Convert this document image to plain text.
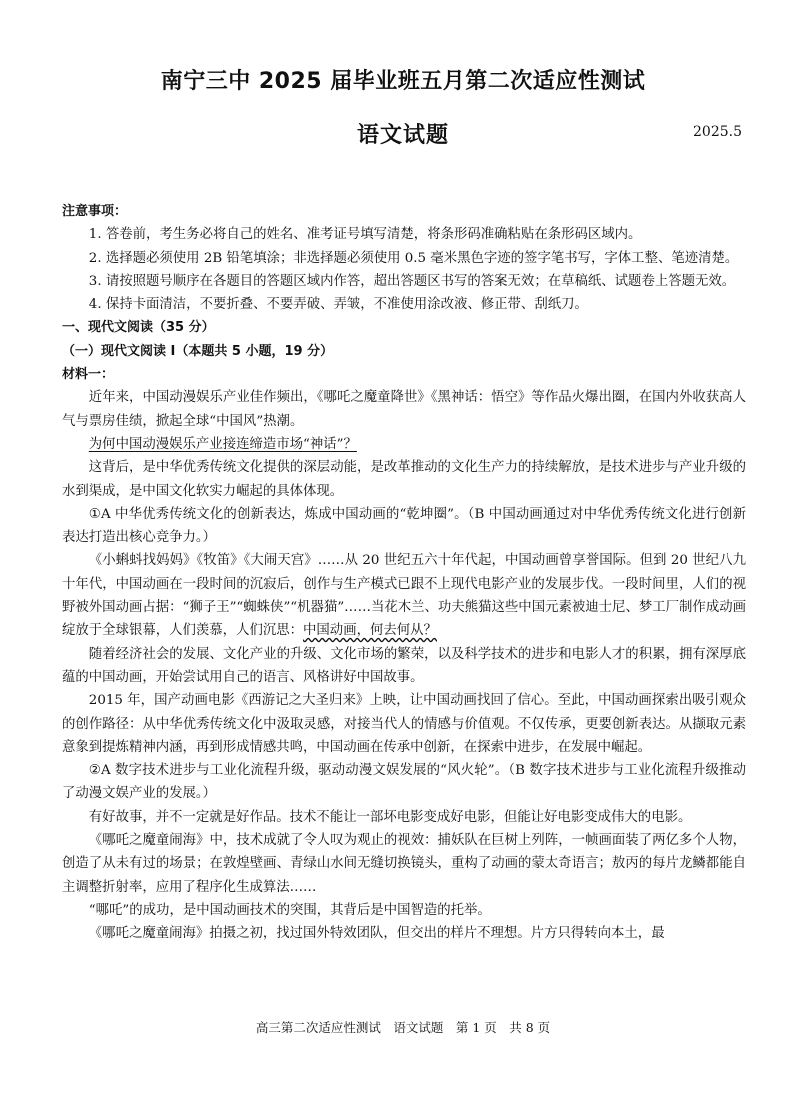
南宁三中 2025 届毕业班五月第二次适应性测试
语文试题	2025.5

注意事项：

1. 答卷前，考生务必将自己的姓名、准考证号填写清楚，将条形码准确粘贴在条形码区域内。

2. 选择题必须使用 2B 铅笔填涂；非选择题必须使用 0.5 毫米黑色字迹的签字笔书写，字体工整、笔迹清楚。

3. 请按照题号顺序在各题目的答题区域内作答，超出答题区书写的答案无效；在草稿纸、试题卷上答题无效。

4. 保持卡面清洁，不要折叠、不要弄破、弄皱，不准使用涂改液、修正带、刮纸刀。

一、现代文阅读（35 分）

（一）现代文阅读 I（本题共 5 小题，19 分）

材料一：

近年来，中国动漫娱乐产业佳作频出，《哪吒之魔童降世》《黑神话：悟空》等作品火爆出圈，在国内外收获高人气与票房佳绩，掀起全球“中国风”热潮。

为何中国动漫娱乐产业接连缔造市场“神话”？

这背后，是中华优秀传统文化提供的深层动能，是改革推动的文化生产力的持续解放，是技术进步与产业升级的水到渠成，是中国文化软实力崛起的具体体现。

①A 中华优秀传统文化的创新表达，炼成中国动画的“乾坤圈”。（B 中国动画通过对中华优秀传统文化进行创新表达打造出核心竞争力。）

《小蝌蚪找妈妈》《牧笛》《大闹天宫》……从 20 世纪五六十年代起，中国动画曾享誉国际。但到 20 世纪八九十年代，中国动画在一段时间的沉寂后，创作与生产模式已跟不上现代电影产业的发展步伐。一段时间里，人们的视野被外国动画占据：“狮子王”“蜘蛛侠”“机器猫”……当花木兰、功夫熊猫这些中国元素被迪士尼、梦工厂制作成动画绽放于全球银幕，人们羡慕，人们沉思：中国动画，何去何从？

随着经济社会的发展、文化产业的升级、文化市场的繁荣，以及科学技术的进步和电影人才的积累，拥有深厚底蕴的中国动画，开始尝试用自己的语言、风格讲好中国故事。

2015 年，国产动画电影《西游记之大圣归来》上映，让中国动画找回了信心。至此，中国动画探索出吸引观众的创作路径：从中华优秀传统文化中汲取灵感，对接当代人的情感与价值观。不仅传承，更要创新表达。从撷取元素意象到提炼精神内涵，再到形成情感共鸣，中国动画在传承中创新，在探索中进步，在发展中崛起。

②A 数字技术进步与工业化流程升级，驱动动漫文娱发展的“风火轮”。（B 数字技术进步与工业化流程升级推动了动漫文娱产业的发展。）

有好故事，并不一定就是好作品。技术不能让一部坏电影变成好电影，但能让好电影变成伟大的电影。

《哪吒之魔童闹海》中，技术成就了令人叹为观止的视效：捕妖队在巨树上列阵，一帧画面装了两亿多个人物，创造了从未有过的场景；在敦煌壁画、青绿山水间无缝切换镜头，重构了动画的蒙太奇语言；敖丙的每片龙鳞都能自主调整折射率，应用了程序化生成算法……

“哪吒”的成功，是中国动画技术的突围，其背后是中国智造的托举。

《哪吒之魔童闹海》拍摄之初，找过国外特效团队，但交出的样片不理想。片方只得转向本土，最

高三第二次适应性测试　语文试题　第 1 页　共 8 页
